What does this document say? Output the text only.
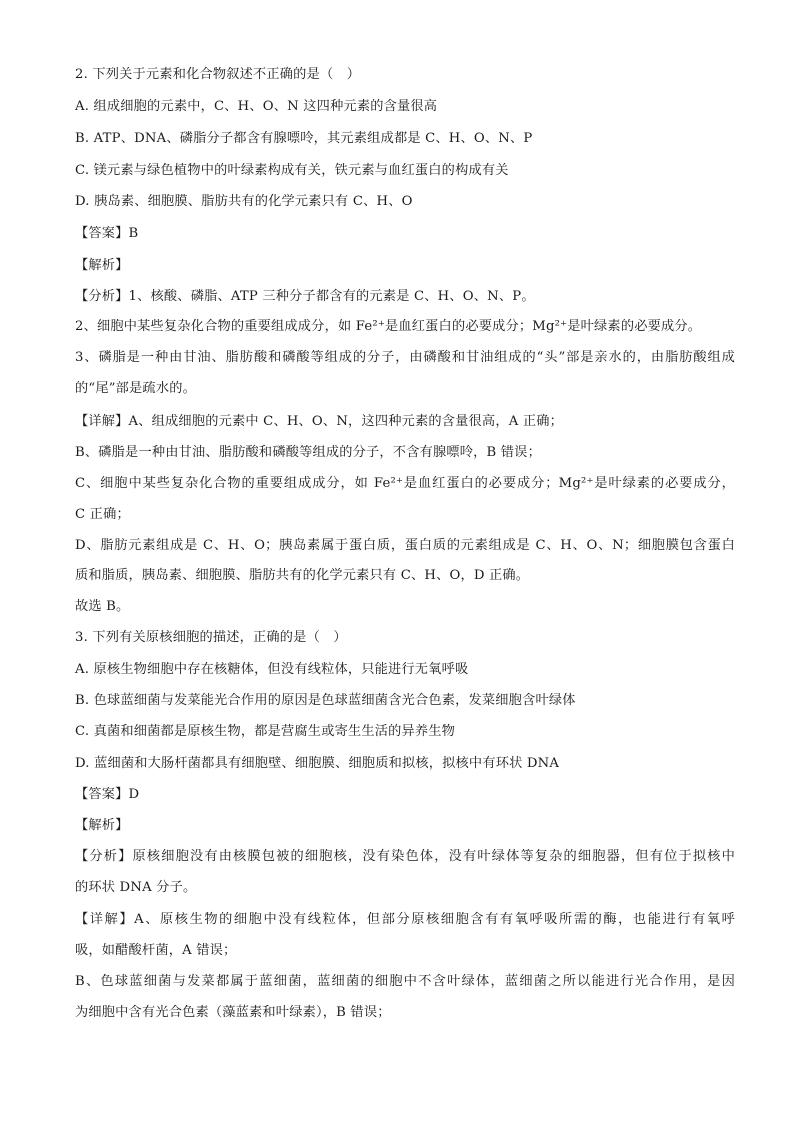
2. 下列关于元素和化合物叙述不正确的是（　）
A. 组成细胞的元素中，C、H、O、N 这四种元素的含量很高
B. ATP、DNA、磷脂分子都含有腺嘌呤，其元素组成都是 C、H、O、N、P
C. 镁元素与绿色植物中的叶绿素构成有关，铁元素与血红蛋白的构成有关
D. 胰岛素、细胞膜、脂肪共有的化学元素只有 C、H、O
【答案】B
【解析】
【分析】1、核酸、磷脂、ATP 三种分子都含有的元素是 C、H、O、N、P。
2、细胞中某些复杂化合物的重要组成成分，如 Fe²⁺是血红蛋白的必要成分；Mg²⁺是叶绿素的必要成分。
3、磷脂是一种由甘油、脂肪酸和磷酸等组成的分子，由磷酸和甘油组成的“头”部是亲水的，由脂肪酸组成
的“尾”部是疏水的。
【详解】A、组成细胞的元素中 C、H、O、N，这四种元素的含量很高，A 正确；
B、磷脂是一种由甘油、脂肪酸和磷酸等组成的分子，不含有腺嘌呤，B 错误；
C、细胞中某些复杂化合物的重要组成成分，如 Fe²⁺是血红蛋白的必要成分；Mg²⁺是叶绿素的必要成分，
C 正确；
D、脂肪元素组成是 C、H、O；胰岛素属于蛋白质，蛋白质的元素组成是 C、H、O、N；细胞膜包含蛋白
质和脂质，胰岛素、细胞膜、脂肪共有的化学元素只有 C、H、O，D 正确。
故选 B。
3. 下列有关原核细胞的描述，正确的是（　）
A. 原核生物细胞中存在核糖体，但没有线粒体，只能进行无氧呼吸
B. 色球蓝细菌与发菜能光合作用的原因是色球蓝细菌含光合色素，发菜细胞含叶绿体
C. 真菌和细菌都是原核生物，都是营腐生或寄生生活的异养生物
D. 蓝细菌和大肠杆菌都具有细胞壁、细胞膜、细胞质和拟核，拟核中有环状 DNA
【答案】D
【解析】
【分析】原核细胞没有由核膜包被的细胞核，没有染色体，没有叶绿体等复杂的细胞器，但有位于拟核中
的环状 DNA 分子。
【详解】A、原核生物的细胞中没有线粒体，但部分原核细胞含有有氧呼吸所需的酶，也能进行有氧呼
吸，如醋酸杆菌，A 错误；
B、色球蓝细菌与发菜都属于蓝细菌，蓝细菌的细胞中不含叶绿体，蓝细菌之所以能进行光合作用，是因
为细胞中含有光合色素（藻蓝素和叶绿素），B 错误；
